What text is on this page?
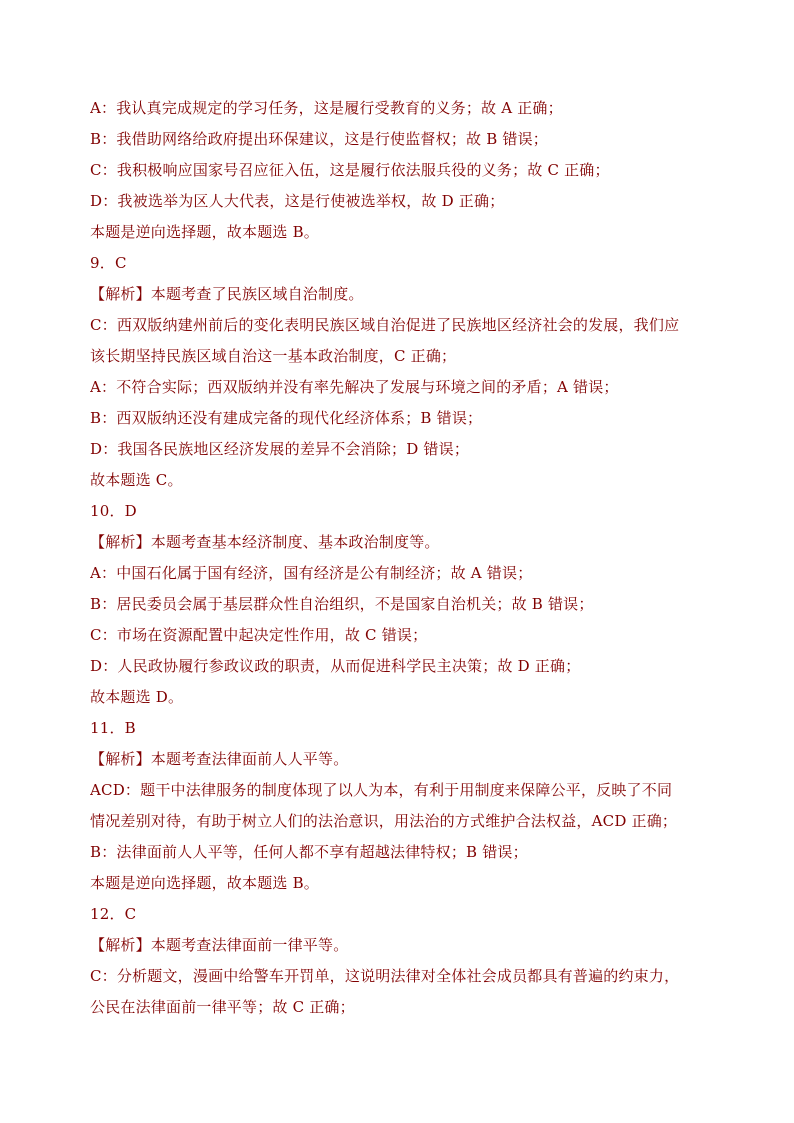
A：我认真完成规定的学习任务，这是履行受教育的义务；故 A 正确；
B：我借助网络给政府提出环保建议，这是行使监督权；故 B 错误；
C：我积极响应国家号召应征入伍，这是履行依法服兵役的义务；故 C 正确；
D：我被选举为区人大代表，这是行使被选举权，故 D 正确；
本题是逆向选择题，故本题选 B。
9．C
【解析】本题考查了民族区域自治制度。
C：西双版纳建州前后的变化表明民族区域自治促进了民族地区经济社会的发展，我们应
该长期坚持民族区域自治这一基本政治制度，C 正确；
A：不符合实际；西双版纳并没有率先解决了发展与环境之间的矛盾；A 错误；
B：西双版纳还没有建成完备的现代化经济体系；B 错误；
D：我国各民族地区经济发展的差异不会消除；D 错误；
故本题选 C。
10．D
【解析】本题考查基本经济制度、基本政治制度等。
A：中国石化属于国有经济，国有经济是公有制经济；故 A 错误；
B：居民委员会属于基层群众性自治组织，不是国家自治机关；故 B 错误；
C：市场在资源配置中起决定性作用，故 C 错误；
D：人民政协履行参政议政的职责，从而促进科学民主决策；故 D 正确；
故本题选 D。
11．B
【解析】本题考查法律面前人人平等。
ACD：题干中法律服务的制度体现了以人为本，有利于用制度来保障公平，反映了不同
情况差别对待，有助于树立人们的法治意识，用法治的方式维护合法权益，ACD 正确；
B：法律面前人人平等，任何人都不享有超越法律特权；B 错误；
本题是逆向选择题，故本题选 B。
12．C
【解析】本题考查法律面前一律平等。
C：分析题文，漫画中给警车开罚单，这说明法律对全体社会成员都具有普遍的约束力，
公民在法律面前一律平等；故 C 正确；
